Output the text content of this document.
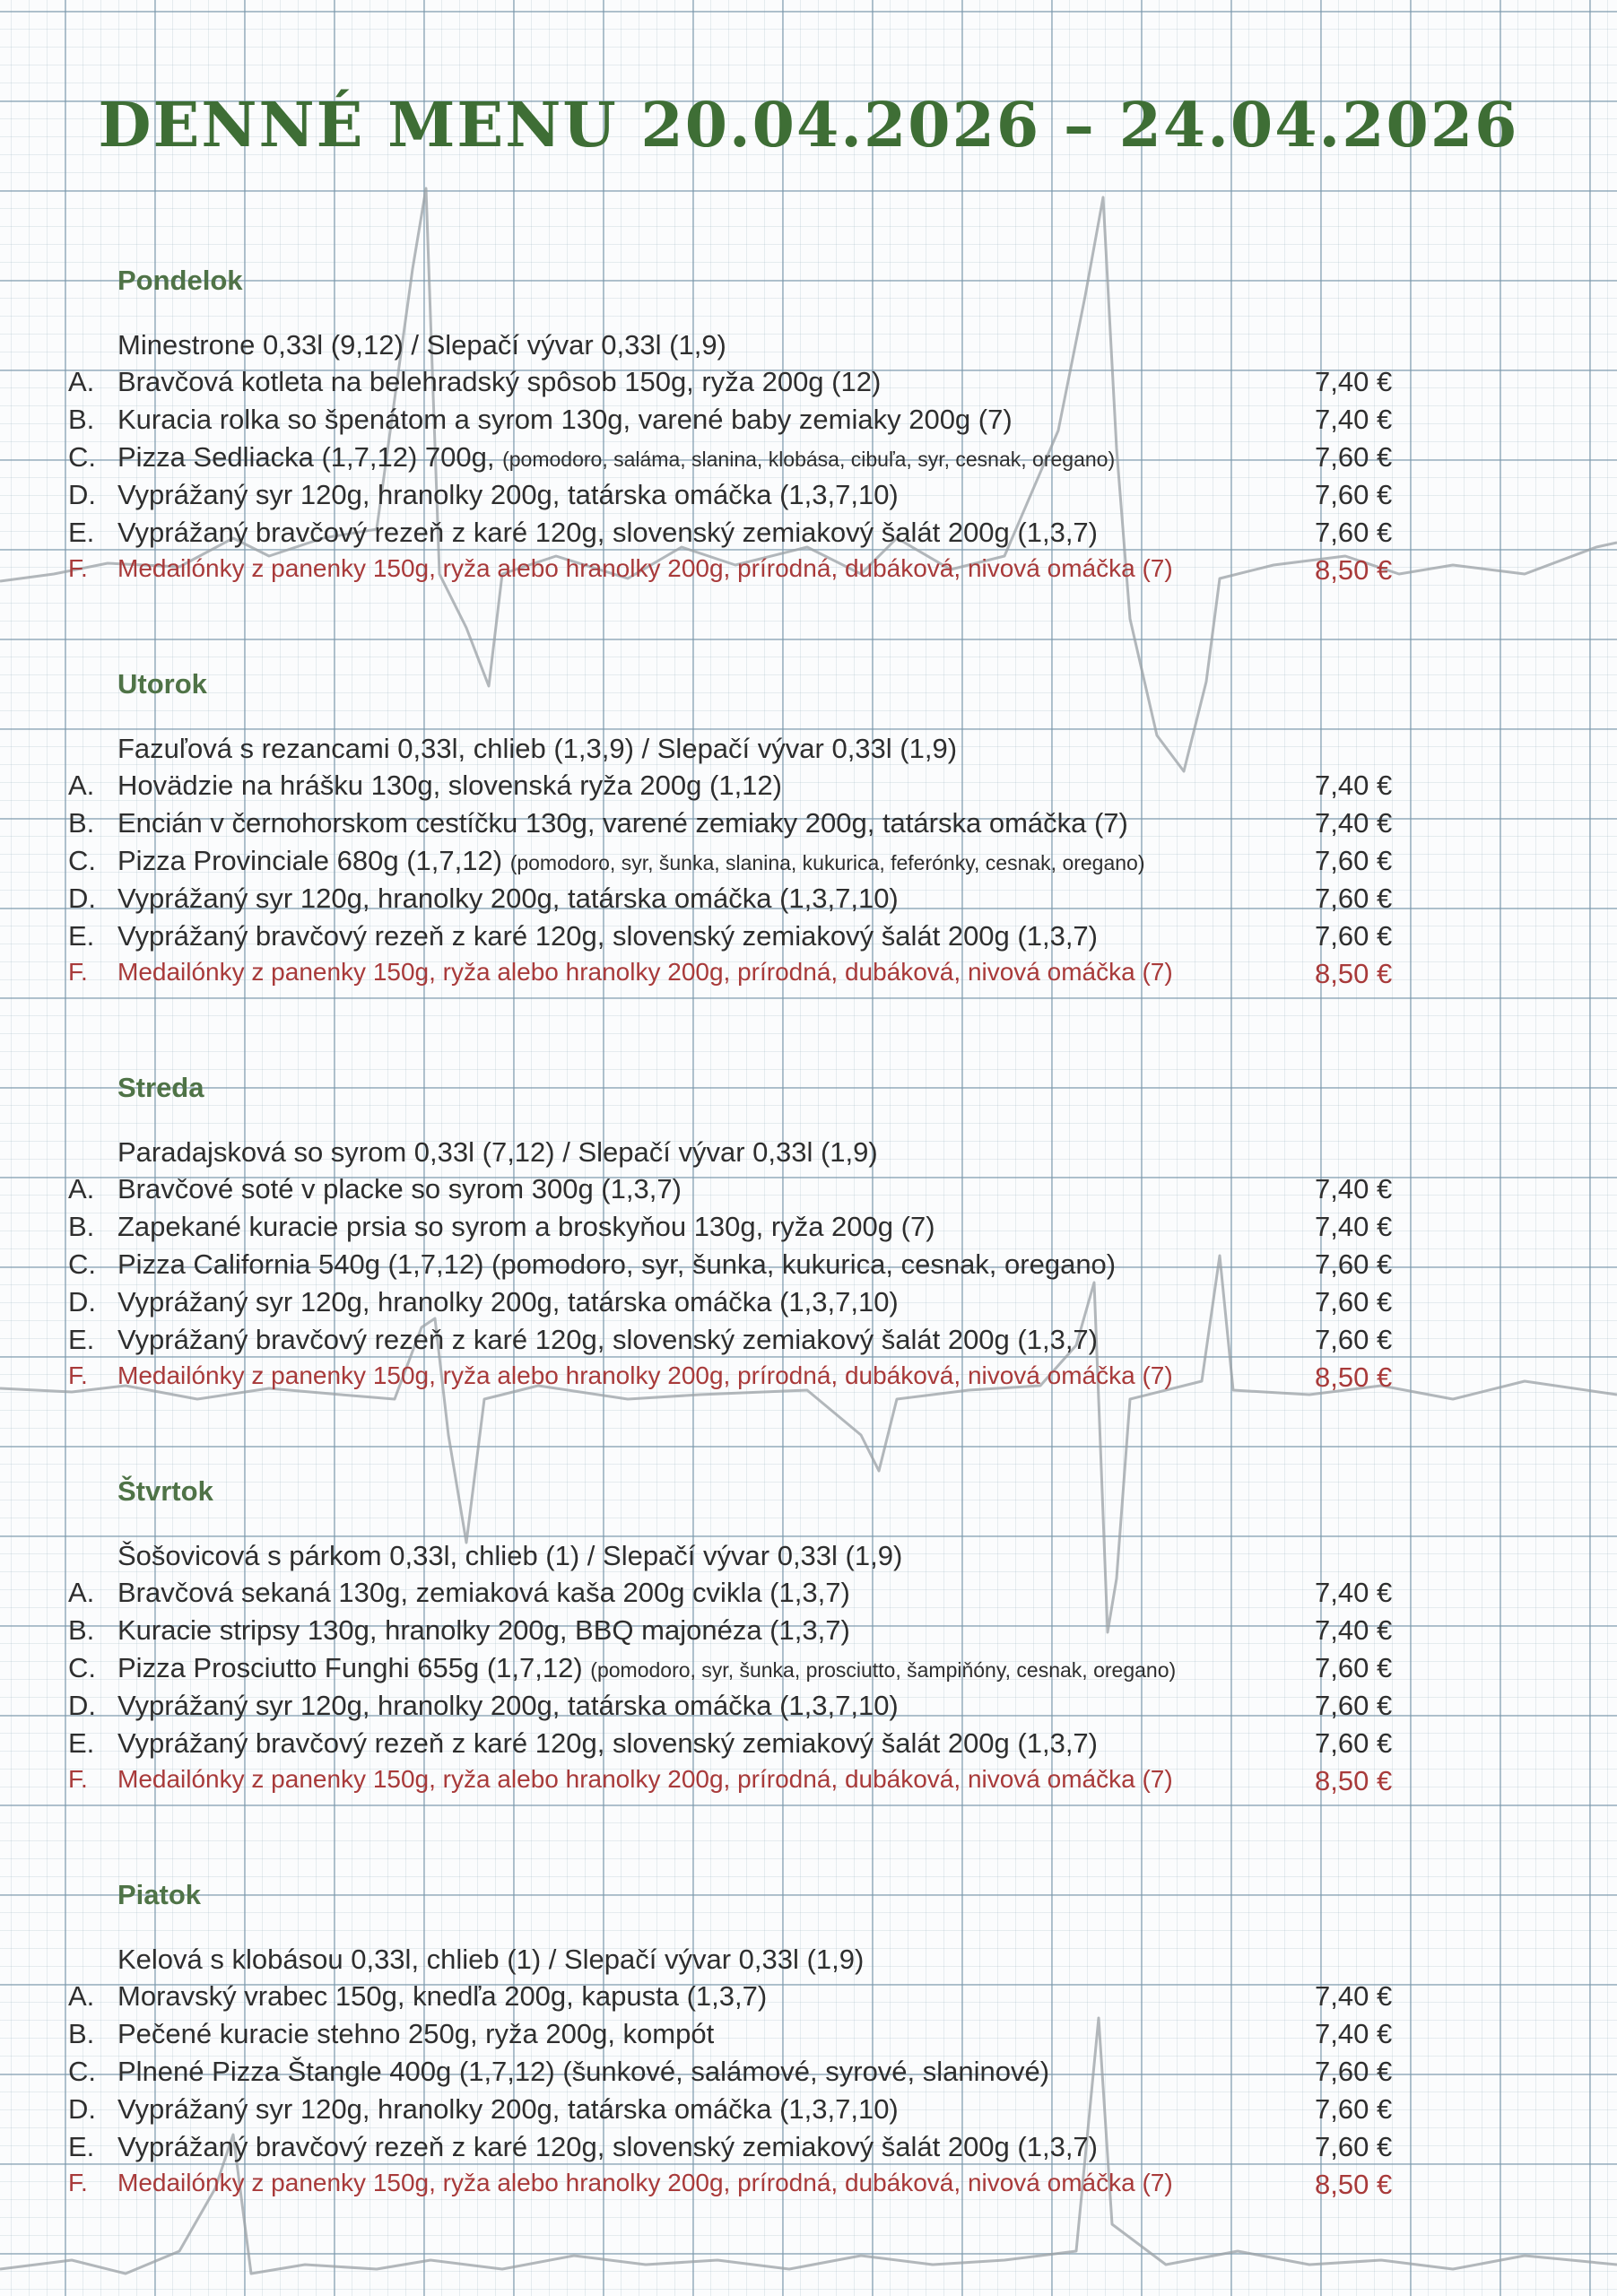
DENNÉ MENU 20.04.2026 – 24.04.2026
Pondelok
Minestrone 0,33l (9,12) / Slepačí vývar 0,33l (1,9)
A. Bravčová kotleta na belehradský spôsob 150g, ryža 200g (12)	7,40 €
B. Kuracia rolka so špenátom a syrom 130g, varené baby zemiaky 200g (7)	7,40 €
C. Pizza Sedliacka (1,7,12) 700g, (pomodoro, saláma, slanina, klobása, cibuľa, syr, cesnak, oregano)	7,60 €
D. Vyprážaný syr 120g, hranolky 200g, tatárska omáčka (1,3,7,10)	7,60 €
E. Vyprážaný bravčový rezeň z karé 120g, slovenský zemiakový šalát 200g (1,3,7)	7,60 €
F. Medailónky z panenky 150g, ryža alebo hranolky 200g, prírodná, dubáková, nivová omáčka (7)	8,50 €
Utorok
Fazuľová s rezancami 0,33l, chlieb (1,3,9) / Slepačí vývar 0,33l (1,9)
A. Hovädzie na hrášku 130g, slovenská ryža 200g (1,12)	7,40 €
B. Encián v černohorskom cestíčku 130g, varené zemiaky 200g, tatárska omáčka (7)	7,40 €
C. Pizza Provinciale 680g (1,7,12) (pomodoro, syr, šunka, slanina, kukurica, feferónky, cesnak, oregano)	7,60 €
D. Vyprážaný syr 120g, hranolky 200g, tatárska omáčka (1,3,7,10)	7,60 €
E. Vyprážaný bravčový rezeň z karé 120g, slovenský zemiakový šalát 200g (1,3,7)	7,60 €
F. Medailónky z panenky 150g, ryža alebo hranolky 200g, prírodná, dubáková, nivová omáčka (7)	8,50 €
Streda
Paradajsková so syrom 0,33l (7,12) / Slepačí vývar 0,33l (1,9)
A. Bravčové soté v placke so syrom 300g (1,3,7)	7,40 €
B. Zapekané kuracie prsia so syrom a broskyňou 130g, ryža 200g (7)	7,40 €
C. Pizza California 540g (1,7,12) (pomodoro, syr, šunka, kukurica, cesnak, oregano)	7,60 €
D. Vyprážaný syr 120g, hranolky 200g, tatárska omáčka (1,3,7,10)	7,60 €
E. Vyprážaný bravčový rezeň z karé 120g, slovenský zemiakový šalát 200g (1,3,7)	7,60 €
F. Medailónky z panenky 150g, ryža alebo hranolky 200g, prírodná, dubáková, nivová omáčka (7)	8,50 €
Štvrtok
Šošovicová s párkom 0,33l, chlieb (1) / Slepačí vývar 0,33l (1,9)
A. Bravčová sekaná 130g, zemiaková kaša 200g cvikla (1,3,7)	7,40 €
B. Kuracie stripsy 130g, hranolky 200g, BBQ majonéza (1,3,7)	7,40 €
C. Pizza Prosciutto Funghi 655g (1,7,12) (pomodoro, syr, šunka, prosciutto, šampiňóny, cesnak, oregano)	7,60 €
D. Vyprážaný syr 120g, hranolky 200g, tatárska omáčka (1,3,7,10)	7,60 €
E. Vyprážaný bravčový rezeň z karé 120g, slovenský zemiakový šalát 200g (1,3,7)	7,60 €
F. Medailónky z panenky 150g, ryža alebo hranolky 200g, prírodná, dubáková, nivová omáčka (7)	8,50 €
Piatok
Kelová s klobásou 0,33l, chlieb (1) / Slepačí vývar 0,33l (1,9)
A. Moravský vrabec 150g, knedľa 200g, kapusta (1,3,7)	7,40 €
B. Pečené kuracie stehno 250g, ryža 200g, kompót	7,40 €
C. Plnené Pizza Štangle 400g (1,7,12) (šunkové, salámové, syrové, slaninové)	7,60 €
D. Vyprážaný syr 120g, hranolky 200g, tatárska omáčka (1,3,7,10)	7,60 €
E. Vyprážaný bravčový rezeň z karé 120g, slovenský zemiakový šalát 200g (1,3,7)	7,60 €
F. Medailónky z panenky 150g, ryža alebo hranolky 200g, prírodná, dubáková, nivová omáčka (7)	8,50 €
